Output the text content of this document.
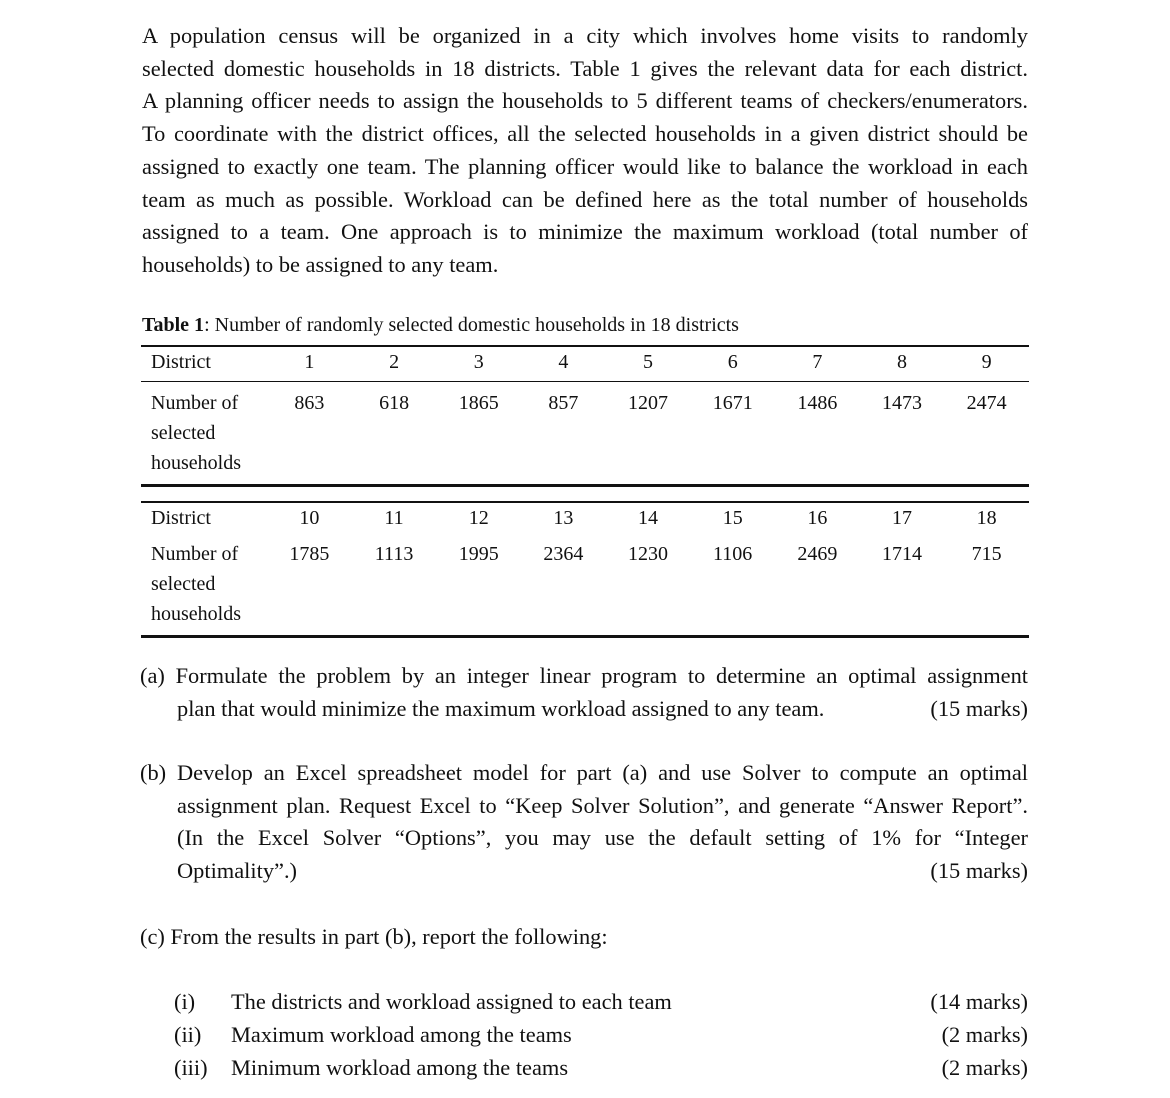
A population census will be organized in a city which involves home visits to randomly
selected domestic households in 18 districts. Table 1 gives the relevant data for each district.
A planning officer needs to assign the households to 5 different teams of checkers/enumerators.
To coordinate with the district offices, all the selected households in a given district should be
assigned to exactly one team. The planning officer would like to balance the workload in each
team as much as possible. Workload can be defined here as the total number of households
assigned to a team. One approach is to minimize the maximum workload (total number of
households) to be assigned to any team.
Table 1: Number of randomly selected domestic households in 18 districts
District	1	2	3	4	5	6	7	8	9

Number of
selected
households	863	618	1865	857	1207	1671	1486	1473	2474
District	10	11	12	13	14	15	16	17	18

Number of
selected
households	1785	1113	1995	2364	1230	1106	2469	1714	715
(a) Formulate the problem by an integer linear program to determine an optimal assignment
plan that would minimize the maximum workload assigned to any team.	(15 marks)
(b) Develop an Excel spreadsheet model for part (a) and use Solver to compute an optimal
assignment plan. Request Excel to “Keep Solver Solution”, and generate “Answer Report”.
(In the Excel Solver “Options”, you may use the default setting of 1% for “Integer
Optimality”.)	(15 marks)
(c) From the results in part (b), report the following:
(i) The districts and workload assigned to each team	(14 marks)
(ii) Maximum workload among the teams	(2 marks)
(iii) Minimum workload among the teams	(2 marks)
